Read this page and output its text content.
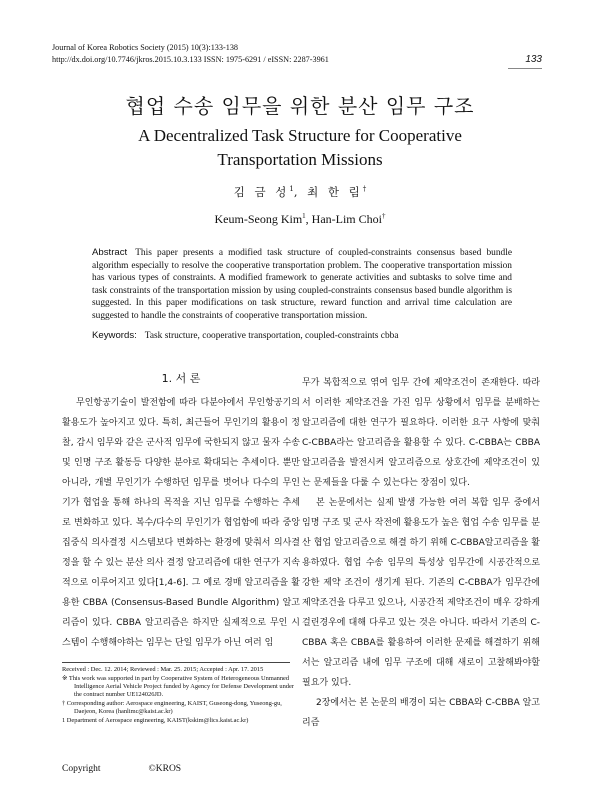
Journal of Korea Robotics Society (2015) 10(3):133-138
http://dx.doi.org/10.7746/jkros.2015.10.3.133 ISSN: 1975-6291 / eISSN: 2287-3961	133
협업 수송 임무을 위한 분산 임무 구조
A Decentralized Task Structure for Cooperative
Transportation Missions
김 금 성$^1$, 최 한 림†
Keum-Seong Kim$^1$, Han-Lim Choi†
Abstract This paper presents a modified task structure of coupled-constraints consensus based bundle algorithm especially to resolve the cooperative transportation problem. The cooperative transportation mission has various types of constraints. A modified framework to generate activities and subtasks to solve time and task constraints of the transportation mission by using coupled-constraints consensus based bundle algorithm is suggested. In this paper modifications on task structure, reward function and arrival time calculation are suggested to handle the constraints of cooperative transportation mission.
Keywords: Task structure, cooperative transportation, coupled-constraints cbba
1. 서 론

무인항공기술이 발전함에 따라 다분야에서 무인항공기의 활용도가 높아지고 있다. 특히, 최근들어 무인기의 활용이 정찰, 감시 임무와 같은 군사적 임무에 국한되지 않고 물자 수송 및 인명 구조 활동등 다양한 분야로 확대되는 추세이다. 뿐만 아니라, 개별 무인기가 수행하던 임무를 벗어나 다수의 무인기가 협업을 통해 하나의 목적을 지닌 임무를 수행하는 추세로 변화하고 있다. 복수/다수의 무인기가 협업함에 따라 중앙 집중식 의사결정 시스템보다 변화하는 환경에 맞춰서 의사결정을 할 수 있는 분산 의사 결정 알고리즘에 대한 연구가 지속적으로 이루어지고 있다[1,4-6]. 그 예로 경매 알고리즘을 활용한 CBBA (Consensus-Based Bundle Algorithm) 알고리즘이 있다. CBBA 알고리즘은 하지만 실제적으로 무인 시스템이 수행해야하는 임무는 단일 임무가 아닌 여러 임

무가 복합적으로 엮여 임무 간에 제약조건이 존재한다. 따라서 이러한 제약조건을 가진 임무 상황에서 임무를 분배하는 알고리즘에 대한 연구가 필요하다. 이러한 요구 사항에 맞춰 C-CBBA라는 알고리즘을 활용할 수 있다. C-CBBA는 CBBA 알고리즘을 발전시켜 알고리즘으로 상호간에 제약조건이 있는 문제들을 다룰 수 있는다는 장점이 있다.

본 논문에서는 실제 발생 가능한 여러 복합 임무 중에서 임명 구조 및 군사 작전에 활용도가 높은 협업 수송 임무를 분산 협업 알고리즘으로 해결 하기 위해 C-CBBA알고리즘을 활용하였다. 협업 수송 임무의 특성상 임무간에 시공간적으로 강한 제약 조건이 생기게 된다. 기존의 C-CBBA가 임무간에 제약조건을 다루고 있으나, 시공간적 제약조건이 매우 강하게 걸린경우에 대해 다루고 있는 것은 아니다. 따라서 기존의 C-CBBA 혹은 CBBA를 활용하여 이러한 문제를 해결하기 위해서는 알고리즘 내에 임무 구조에 대해 새로이 고찰해봐야할 필요가 있다.

2장에서는 본 논문의 배경이 되는 CBBA와 C-CBBA 알고리즘

Received : Dec. 12. 2014; Reviewed : Mar. 25. 2015; Accepted : Apr. 17. 2015
※ This work was supported in part by Cooperative System of Heterogeneous Unmanned Intelligence Aerial Vehicle Project funded by Agency for Defense Development under the contract number UE124026JD.
† Corresponding author: Aerospace engineering, KAIST, Guseong-dong, Yuseong-gu, Daejeon, Korea (hanlimc@kaist.ac.kr)
1 Department of Aerospace engineering, KAIST(kskim@lics.kaist.ac.kr)
Copyright	©KROS
